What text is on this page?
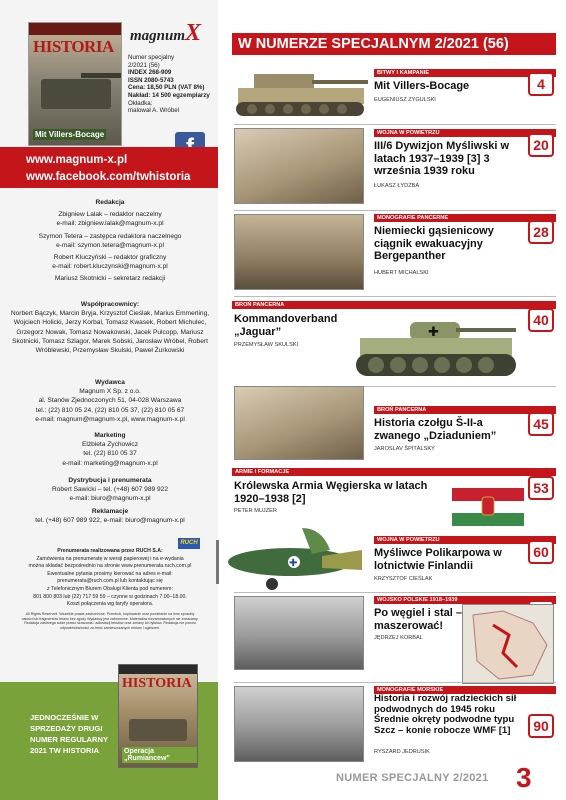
HISTORIA
Mit Villers-Bocage
magnumX
Numer specjalny
2/2021 (56)
INDEX 268-909
ISSN 2080-5743
Cena: 18,50 PLN (VAT 8%)
Nakład: 14 500 egzemplarzy
Okładka:
malował A. Wróbel
www.magnum-x.pl
www.facebook.com/twhistoria
Redakcja
Zbigniew Lalak – redaktor naczelny
e-mail: zbigniew.lalak@magnum-x.pl
Szymon Tetera – zastępca redaktora naczelnego
e-mail: szymon.tetera@magnum-x.pl
Robert Kluczyński – redaktor graficzny
e-mail: robert.kluczynski@magnum-x.pl
Mariusz Skotnicki – sekretarz redakcji
Współpracownicy:
Norbert Bączyk, Marcin Bryja, Krzysztof Cieślak, Marius Emmerling, Wojciech Holicki, Jerzy Korbal, Tomasz Kwasek, Robert Michulec, Grzegorz Nowak, Tomasz Nowakowski, Jacek Pulcopp, Mariusz Skotnicki, Tomasz Szlagor, Marek Sobski, Jarosław Wróbel, Robert Wróblewski, Przemysław Skulski, Paweł Żurkowski
Wydawca
Magnum X Sp. z o.o.
al. Stanów Zjednoczonych 51, 04-028 Warszawa
tel.: (22) 810 05 24, (22) 810 05 37, (22) 810 05 67
e-mail: magnum@magnum-x.pl, www.magnum-x.pl
Marketing
Elżbieta Zychowicz
tel. (22) 810 05 37
e-mail: marketing@magnum-x.pl
Dystrybucja i prenumerata
Robert Sawicki – tel. (+48) 607 989 922
e-mail: biuro@magnum-x.pl
Reklamacje
tel. (+48) 607 989 922, e-mail: biuro@magnum-x.pl
RUCH
Prenumerata realizowana przez RUCH S.A:
Zamówienia na prenumeratę w wersji papierowej i na e-wydania
można składać bezpośrednio na stronie www.prenumerata.ruch.com.pl
Ewentualne pytania prosimy kierować na adres e-mail:
prenumerata@ruch.com.pl lub kontaktując się
z Telefonicznym Biurem Obsługi Klienta pod numerem:
801 800 803 lub (22) 717 59 59 – czynne w godzinach 7.00–18.00.
Koszt połączenia wg taryfy operatora.
All Rights Reserved. Wszelkie prawa zastrzeżone. Przedruk, kopiowanie oraz powielanie na inne sposoby całości lub fragmentów tekstu bez zgody Wydawcy jest zabronione. Materiałów niezamówionych nie zwracamy. Redakcja zastrzega sobie prawo skracania i adiustacji tekstów oraz zmiany ich tytułów. Redakcja nie ponosi odpowiedzialności za treść zamieszczanych reklam i ogłoszeń.
JEDNOCZEŚNIE W SPRZEDAŻY DRUGI NUMER REGULARNY 2021 TW HISTORIA
HISTORIA
Operacja „Rumiancew”
W NUMERZE SPECJALNYM 2/2021 (56)
BITWY I KAMPANIE
Mit Villers-Bocage
EUGENIUSZ ZYGULSKI
4
WOJNA W POWIETRZU
III/6 Dywizjon Myśliwski w latach 1937–1939 [3] 3 września 1939 roku
ŁUKASZ ŁYDŻBA
20
MONOGRAFIE PANCERNE
Niemiecki gąsienicowy ciągnik ewakuacyjny Bergepanther
HUBERT MICHALSKI
28
BROŃ PANCERNA
Kommandoverband „Jaguar”
PRZEMYSŁAW SKULSKI
40
✚
BROŃ PANCERNA
Historia czołgu Š-II-a zwanego „Dziaduniem”
JAROSLAV ŠPITÁLSKÝ
45
ARMIE I FORMACJE
Królewska Armia Węgierska w latach 1920–1938 [2]
PETER MUJZER
53
✚
WOJNA W POWIETRZU
Myśliwce Polikarpowa w lotnictwie Finlandii
KRZYSZTOF CIEŚLAK
60
WOJSKO POLSKIE 1918–1939
Po węgiel i stal – maszerować!
JĘDRZEJ KORBAL
MONOGRAFIE MORSKIE
Historia i rozwój radzieckich sił podwodnych do 1945 roku Średnie okręty podwodne typu Szcz – konie robocze WMF [1]
RYSZARD JEDRUSIK
90
NUMER SPECJALNY 2/2021 3
